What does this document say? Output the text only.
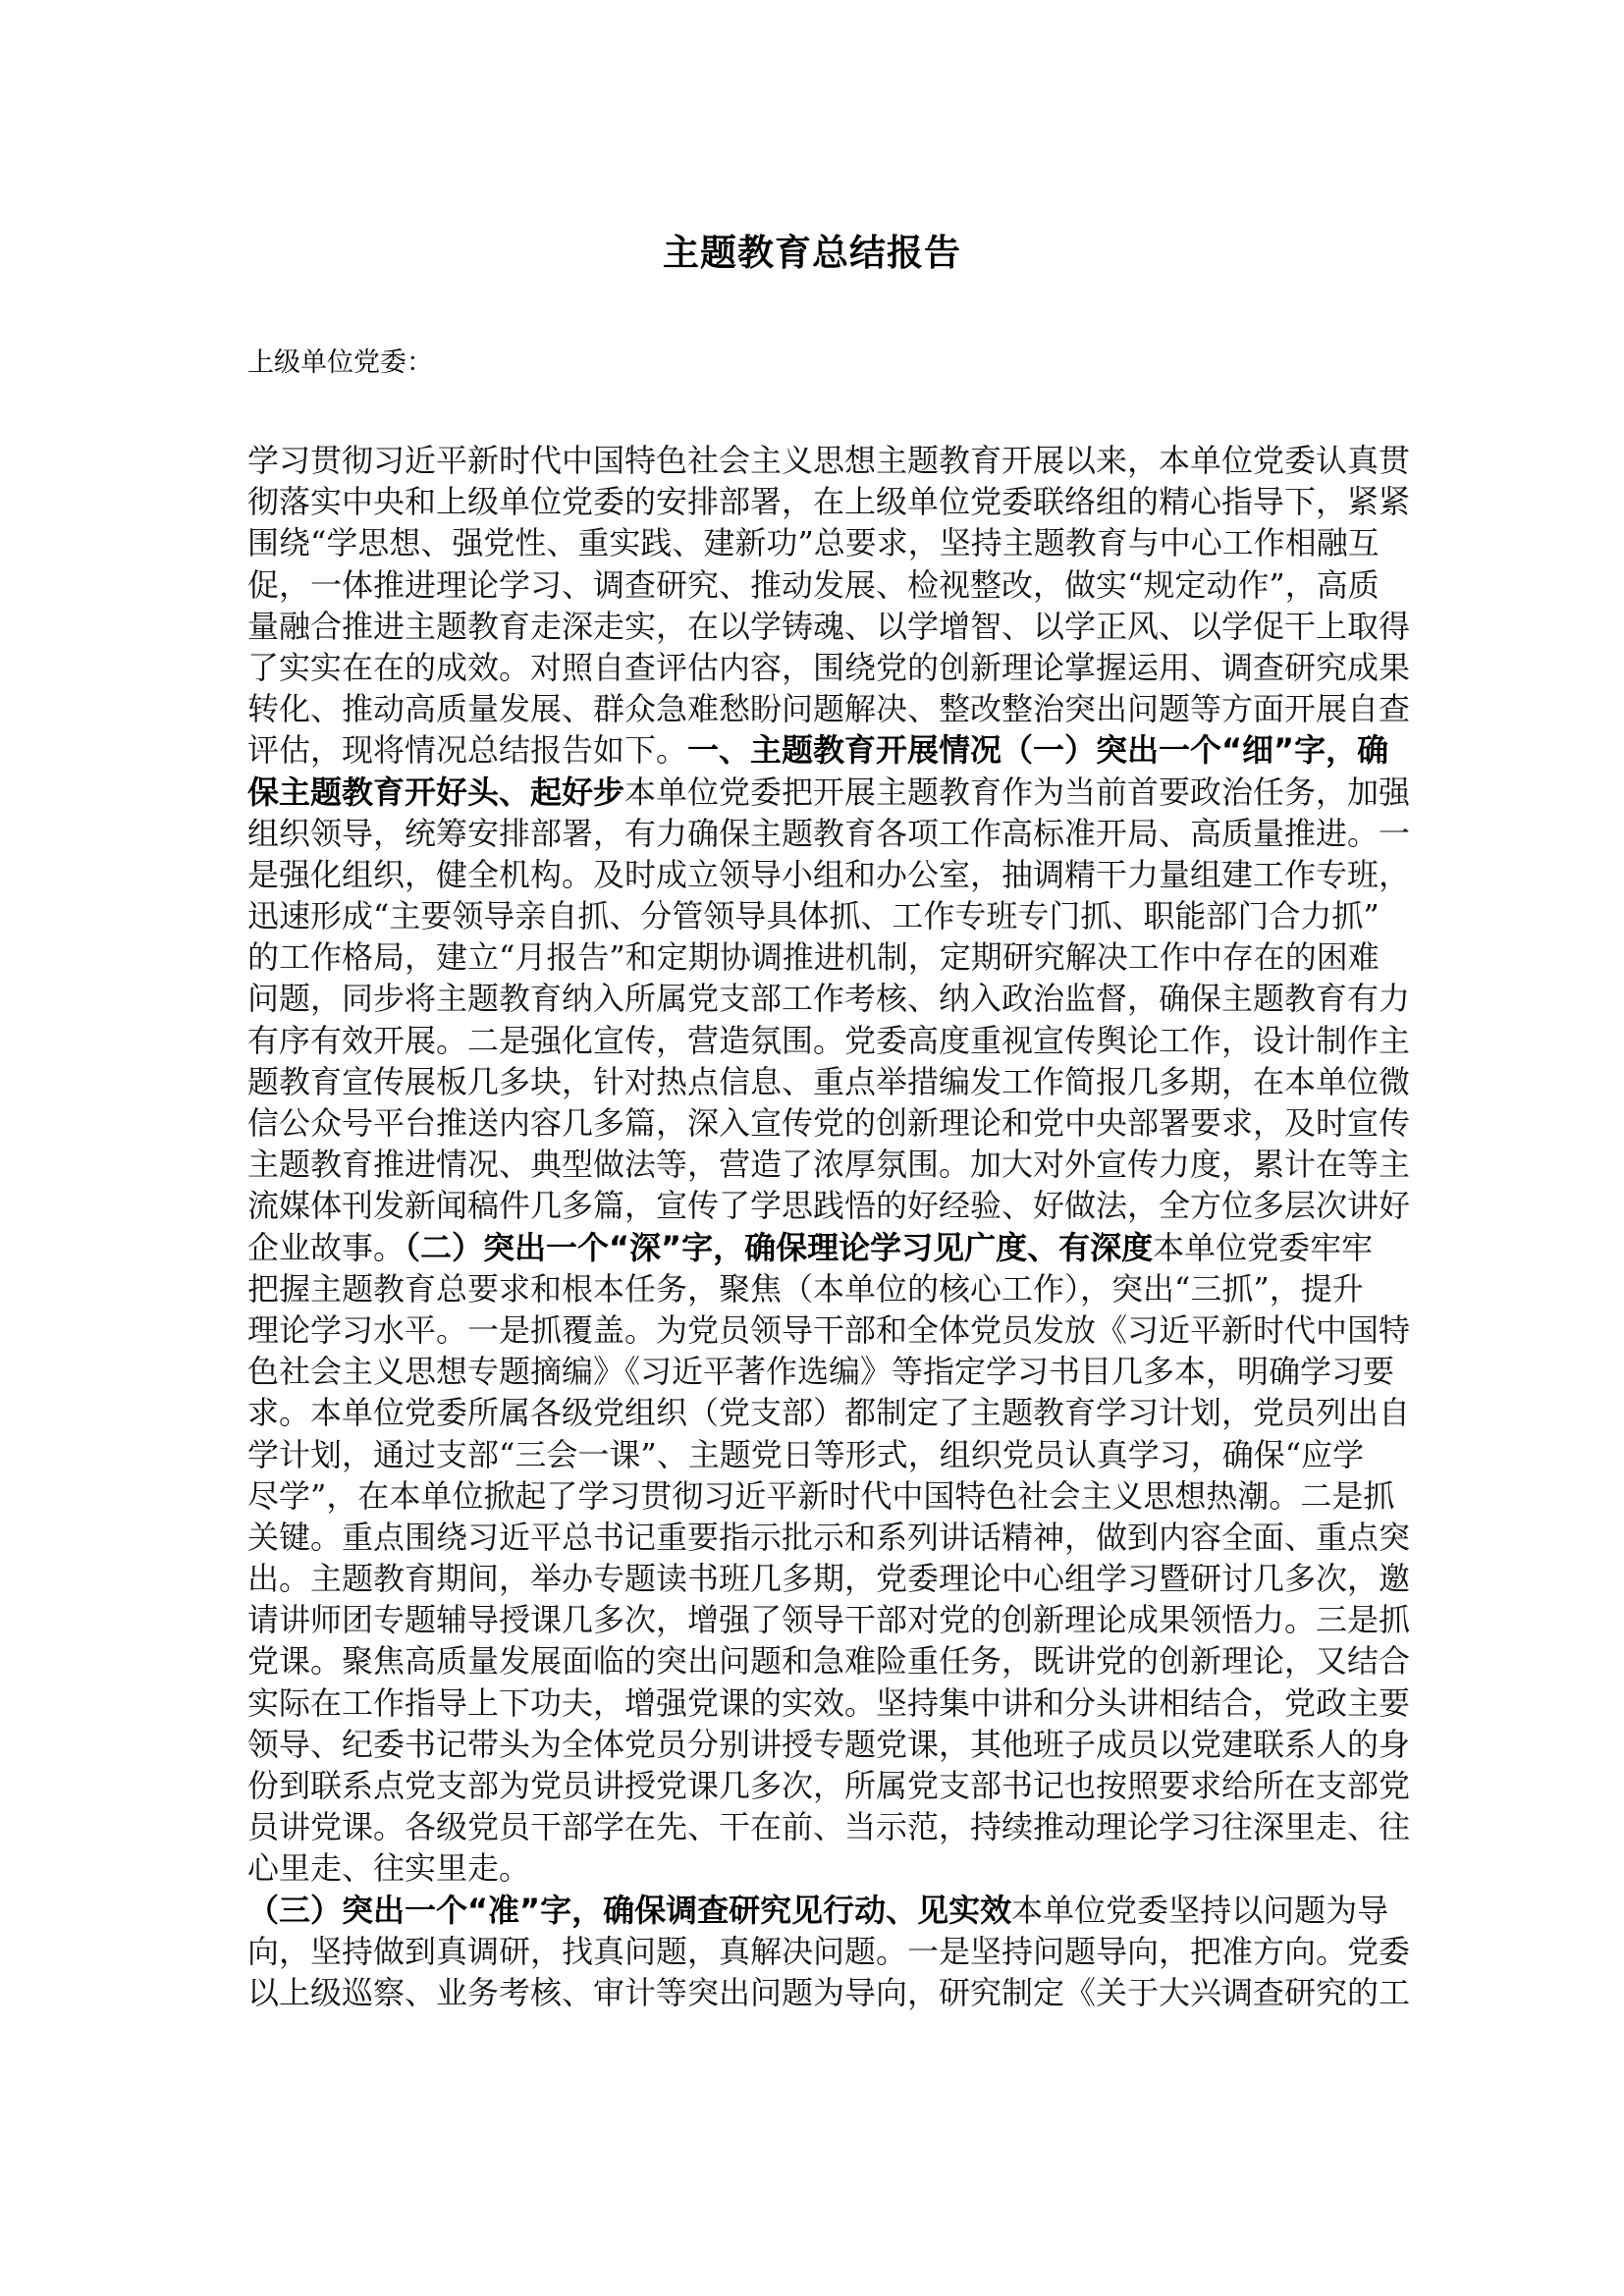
主题教育总结报告
上级单位党委：
学习贯彻习近平新时代中国特色社会主义思想主题教育开展以来，本单位党委认真贯
彻落实中央和上级单位党委的安排部署，在上级单位党委联络组的精心指导下，紧紧
围绕“学思想、强党性、重实践、建新功”总要求，坚持主题教育与中心工作相融互
促，一体推进理论学习、调查研究、推动发展、检视整改，做实“规定动作”，高质
量融合推进主题教育走深走实，在以学铸魂、以学增智、以学正风、以学促干上取得
了实实在在的成效。对照自查评估内容，围绕党的创新理论掌握运用、调查研究成果
转化、推动高质量发展、群众急难愁盼问题解决、整改整治突出问题等方面开展自查
评估，现将情况总结报告如下。一、主题教育开展情况（一）突出一个“细”字，确
保主题教育开好头、起好步本单位党委把开展主题教育作为当前首要政治任务，加强
组织领导，统筹安排部署，有力确保主题教育各项工作高标准开局、高质量推进。一
是强化组织，健全机构。及时成立领导小组和办公室，抽调精干力量组建工作专班，
迅速形成“主要领导亲自抓、分管领导具体抓、工作专班专门抓、职能部门合力抓”
的工作格局，建立“月报告”和定期协调推进机制，定期研究解决工作中存在的困难
问题，同步将主题教育纳入所属党支部工作考核、纳入政治监督，确保主题教育有力
有序有效开展。二是强化宣传，营造氛围。党委高度重视宣传舆论工作，设计制作主
题教育宣传展板几多块，针对热点信息、重点举措编发工作简报几多期，在本单位微
信公众号平台推送内容几多篇，深入宣传党的创新理论和党中央部署要求，及时宣传
主题教育推进情况、典型做法等，营造了浓厚氛围。加大对外宣传力度，累计在等主
流媒体刊发新闻稿件几多篇，宣传了学思践悟的好经验、好做法，全方位多层次讲好
企业故事。（二）突出一个“深”字，确保理论学习见广度、有深度本单位党委牢牢
把握主题教育总要求和根本任务，聚焦（本单位的核心工作），突出“三抓”，提升
理论学习水平。一是抓覆盖。为党员领导干部和全体党员发放《习近平新时代中国特
色社会主义思想专题摘编》《习近平著作选编》等指定学习书目几多本，明确学习要
求。本单位党委所属各级党组织（党支部）都制定了主题教育学习计划，党员列出自
学计划，通过支部“三会一课”、主题党日等形式，组织党员认真学习，确保“应学
尽学”，在本单位掀起了学习贯彻习近平新时代中国特色社会主义思想热潮。二是抓
关键。重点围绕习近平总书记重要指示批示和系列讲话精神，做到内容全面、重点突
出。主题教育期间，举办专题读书班几多期，党委理论中心组学习暨研讨几多次，邀
请讲师团专题辅导授课几多次，增强了领导干部对党的创新理论成果领悟力。三是抓
党课。聚焦高质量发展面临的突出问题和急难险重任务，既讲党的创新理论，又结合
实际在工作指导上下功夫，增强党课的实效。坚持集中讲和分头讲相结合，党政主要
领导、纪委书记带头为全体党员分别讲授专题党课，其他班子成员以党建联系人的身
份到联系点党支部为党员讲授党课几多次，所属党支部书记也按照要求给所在支部党
员讲党课。各级党员干部学在先、干在前、当示范，持续推动理论学习往深里走、往
心里走、往实里走。
（三）突出一个“准”字，确保调查研究见行动、见实效本单位党委坚持以问题为导
向，坚持做到真调研，找真问题，真解决问题。一是坚持问题导向，把准方向。党委
以上级巡察、业务考核、审计等突出问题为导向，研究制定《关于大兴调查研究的工
